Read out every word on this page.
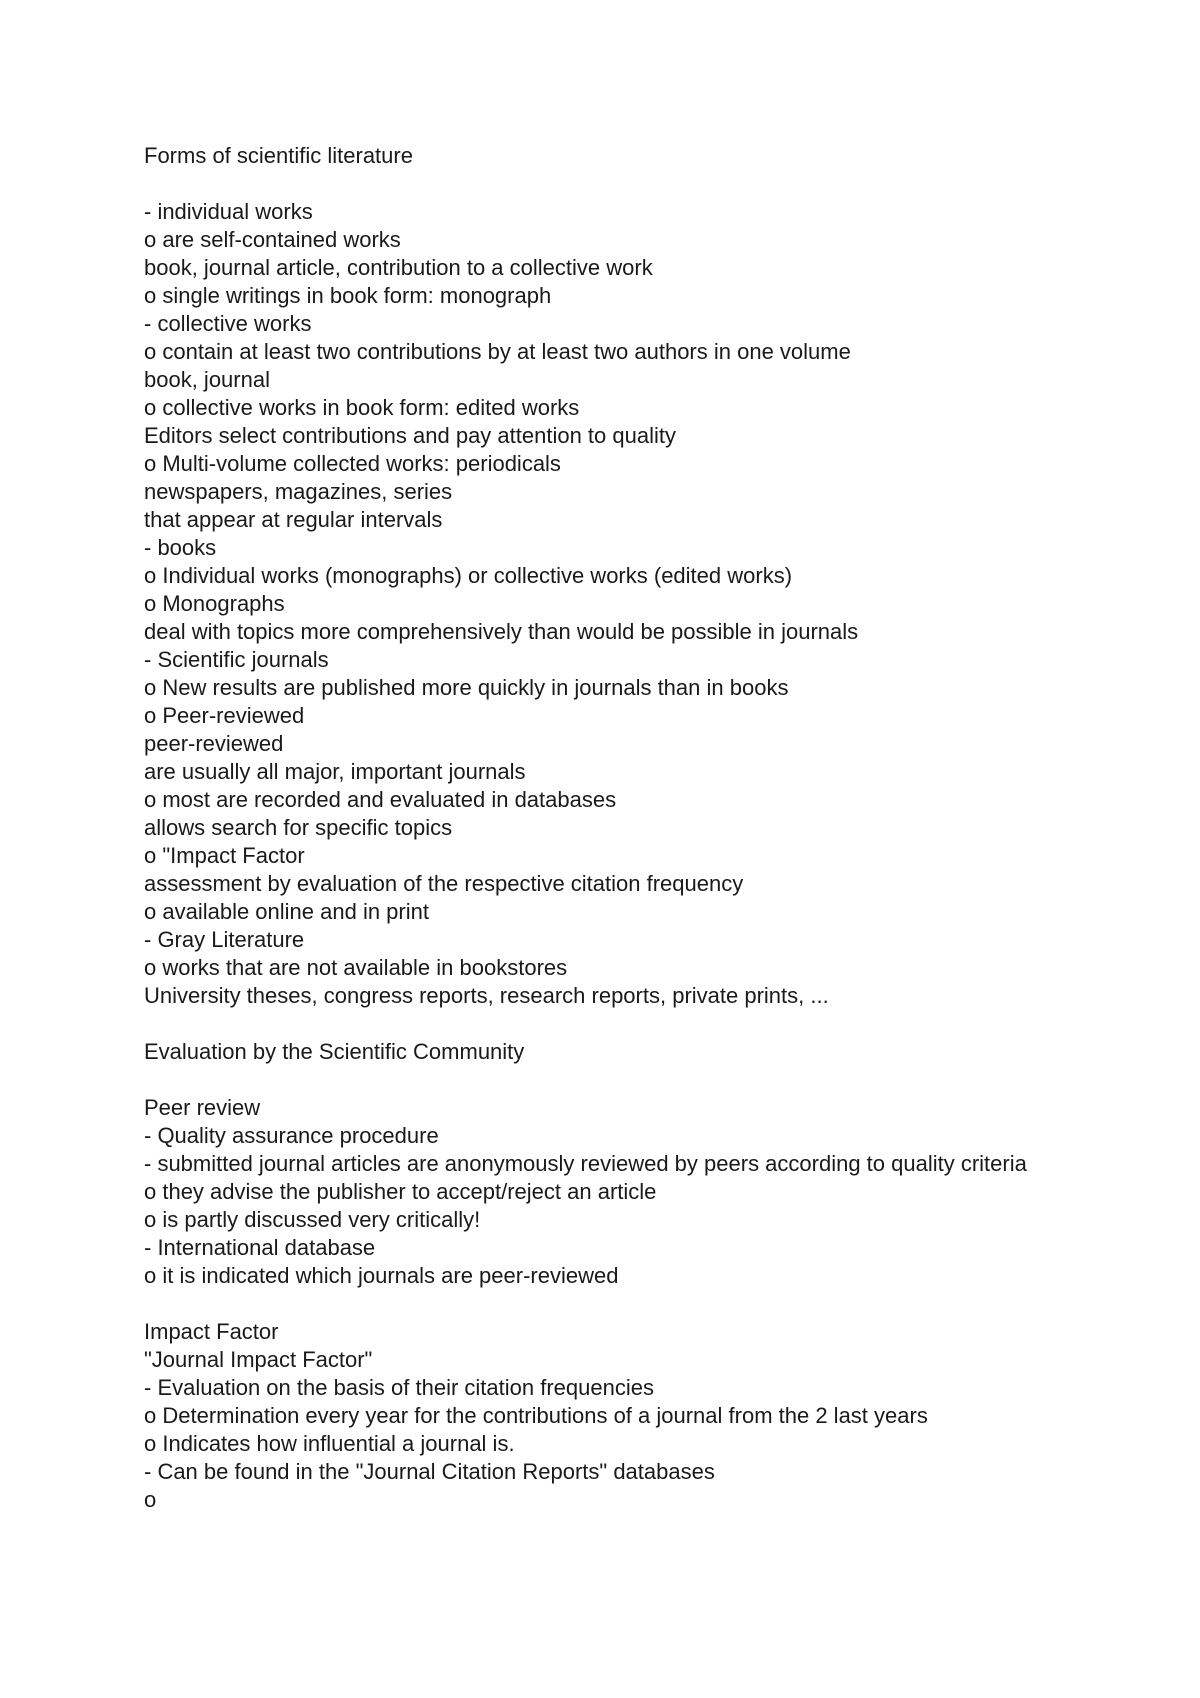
Forms of scientific literature

- individual works

o are self-contained works

book, journal article, contribution to a collective work

o single writings in book form: monograph

- collective works

o contain at least two contributions by at least two authors in one volume

book, journal

o collective works in book form: edited works

Editors select contributions and pay attention to quality

o Multi-volume collected works: periodicals

newspapers, magazines, series

that appear at regular intervals

- books

o Individual works (monographs) or collective works (edited works)

o Monographs

deal with topics more comprehensively than would be possible in journals

- Scientific journals

o New results are published more quickly in journals than in books

o Peer-reviewed

peer-reviewed

are usually all major, important journals

o most are recorded and evaluated in databases

allows search for specific topics

o "Impact Factor

assessment by evaluation of the respective citation frequency

o available online and in print

- Gray Literature

o works that are not available in bookstores

University theses, congress reports, research reports, private prints, ...

Evaluation by the Scientific Community

Peer review

- Quality assurance procedure

- submitted journal articles are anonymously reviewed by peers according to quality criteria

o they advise the publisher to accept/reject an article

o is partly discussed very critically!

- International database

o it is indicated which journals are peer-reviewed

Impact Factor

"Journal Impact Factor"

- Evaluation on the basis of their citation frequencies

o Determination every year for the contributions of a journal from the 2 last years

o Indicates how influential a journal is.

- Can be found in the "Journal Citation Reports" databases

o
